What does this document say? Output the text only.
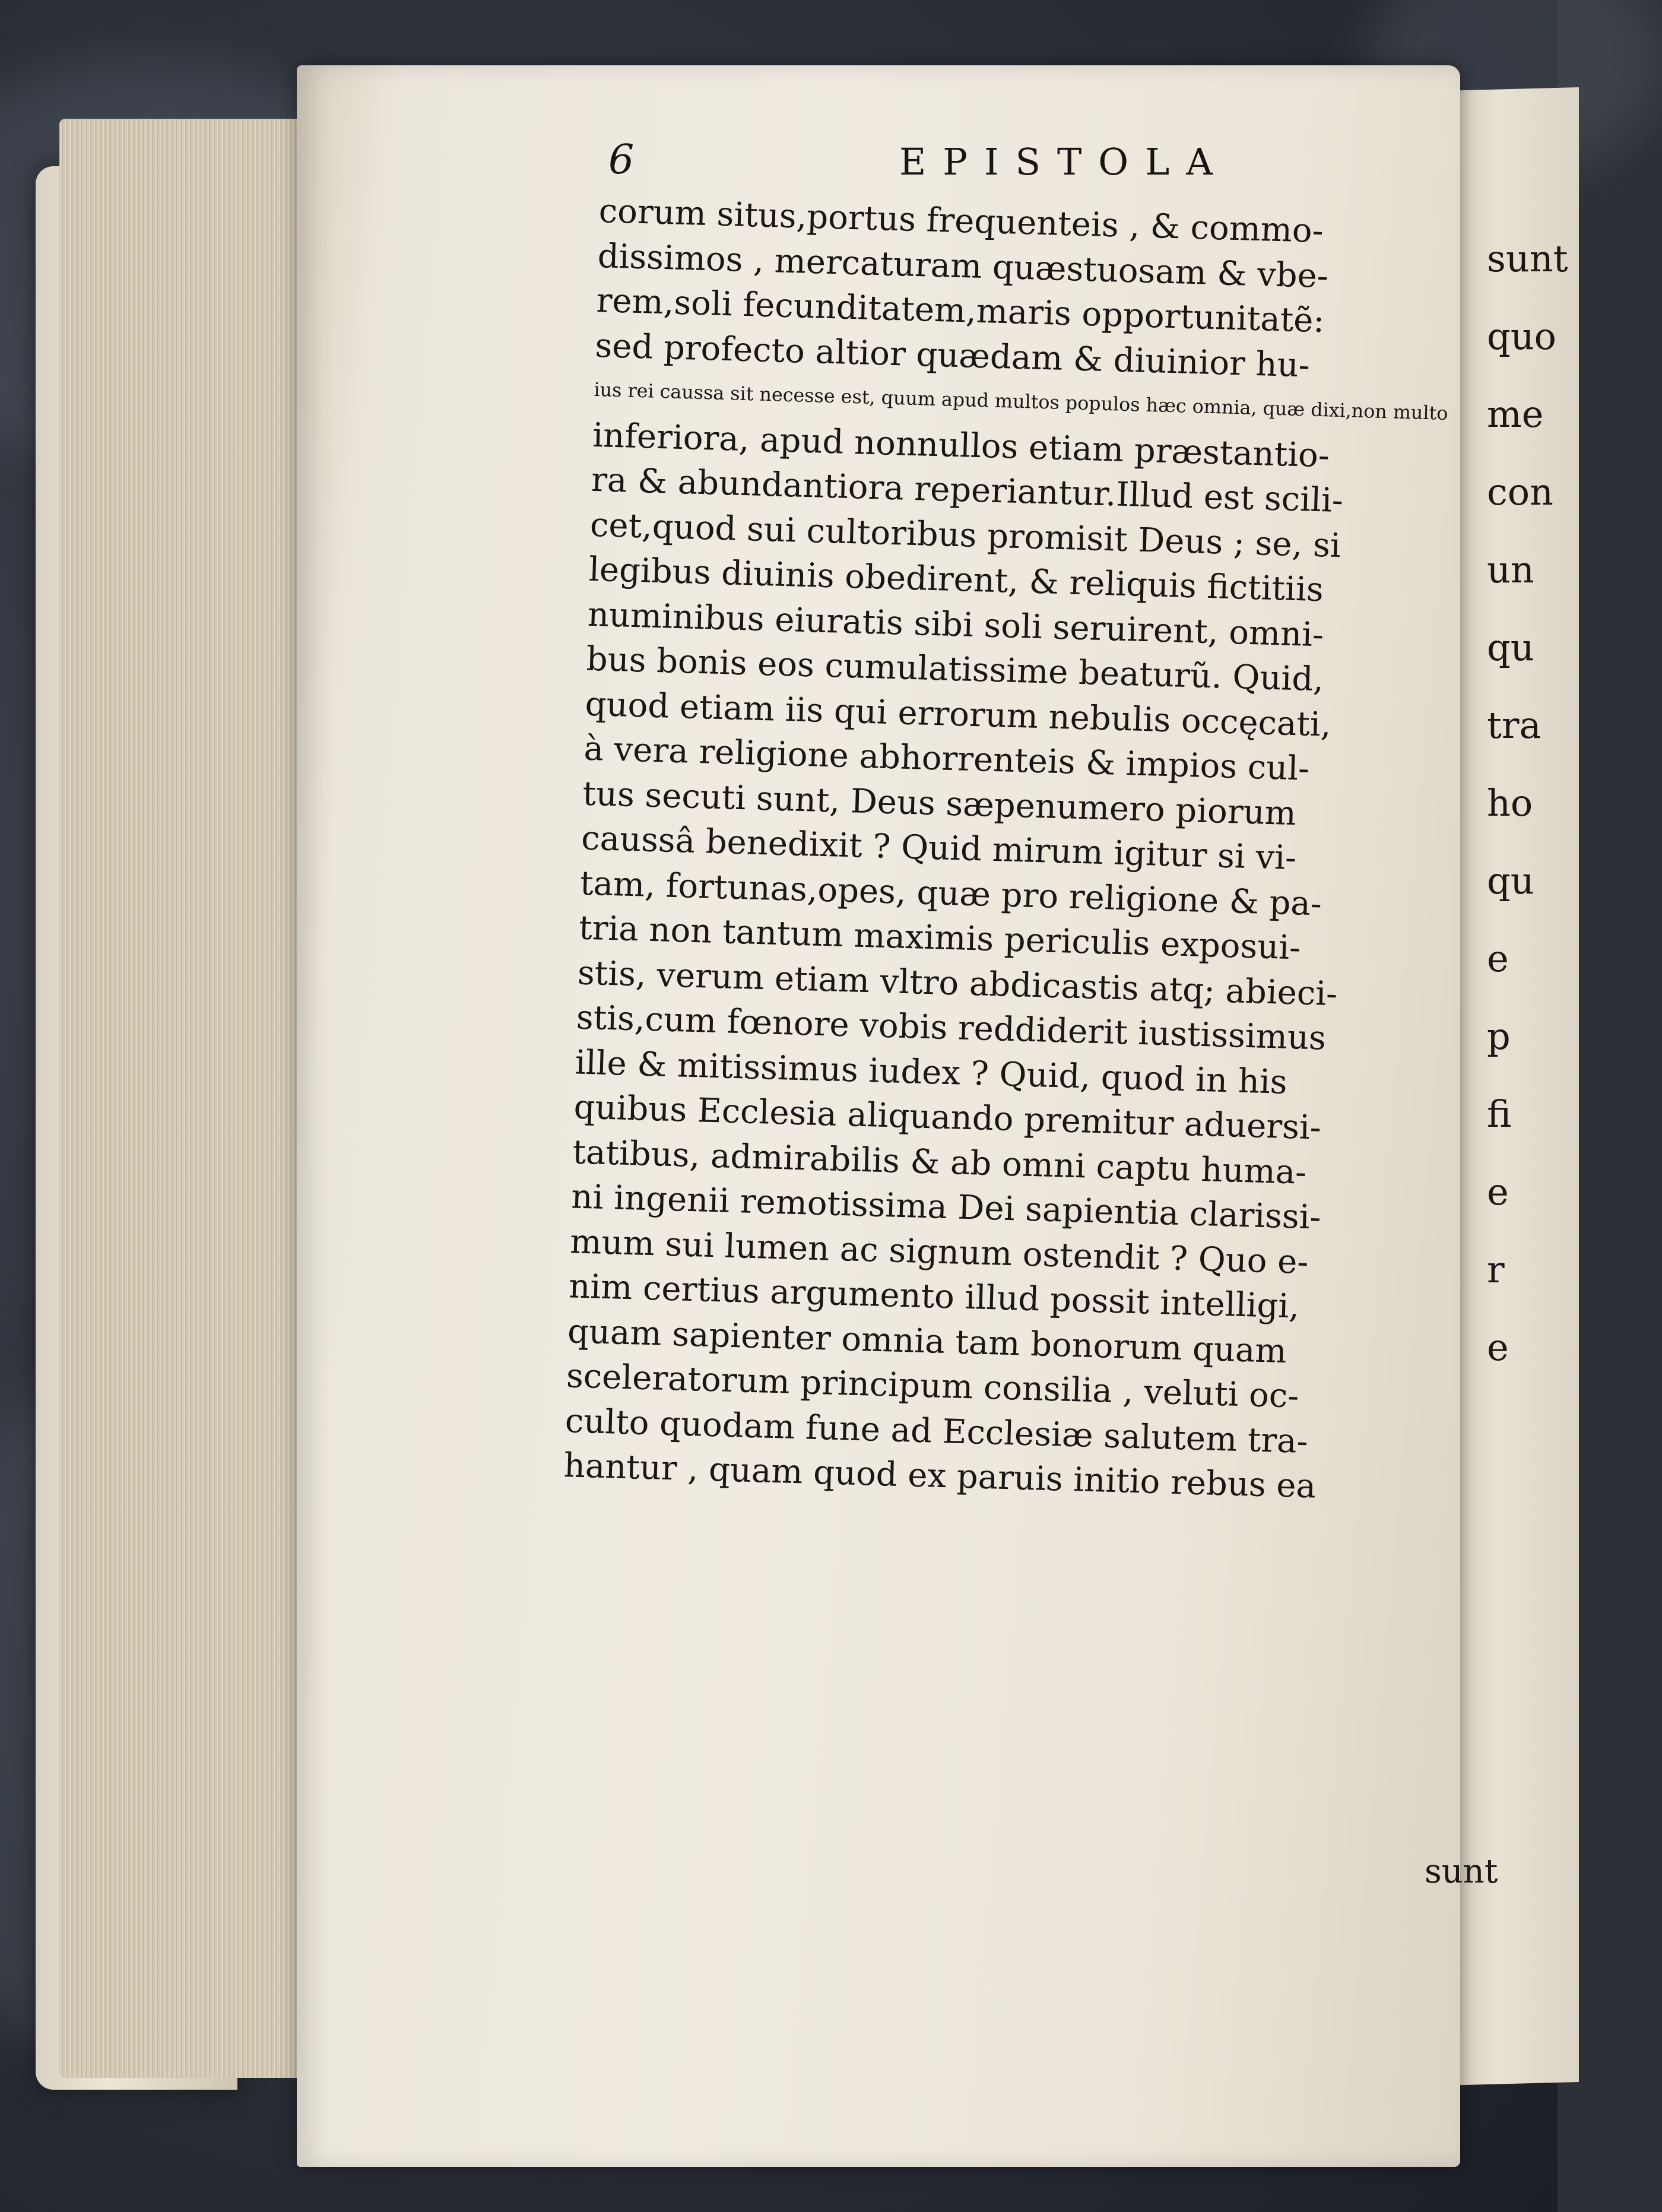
sunt
quo
me
con
un
qu
tra
ho
qu
e
p
fi
e
r
e
6	EPISTOLA
corum situs,portus frequenteis , & commo-
dissimos , mercaturam quæstuosam & vbe-
rem,soli fecunditatem,maris opportunitatẽ:
sed profecto altior quædam & diuinior hu-
ius rei caussa sit necesse est, quum apud multos populos hæc omnia, quæ dixi,non multo
inferiora, apud nonnullos etiam præstantio-
ra & abundantiora reperiantur.Illud est scili-
cet,quod sui cultoribus promisit Deus ; se, si
legibus diuinis obedirent, & reliquis fictitiis
numinibus eiuratis sibi soli seruirent, omni-
bus bonis eos cumulatissime beaturũ. Quid,
quod etiam iis qui errorum nebulis occęcati,
à vera religione abhorrenteis & impios cul-
tus secuti sunt, Deus sæpenumero piorum
caussâ benedixit ? Quid mirum igitur si vi-
tam, fortunas,opes, quæ pro religione & pa-
tria non tantum maximis periculis exposui-
stis, verum etiam vltro abdicastis atq; abieci-
stis,cum fœnore vobis reddiderit iustissimus
ille & mitissimus iudex ? Quid, quod in his
quibus Ecclesia aliquando premitur aduersi-
tatibus, admirabilis & ab omni captu huma-
ni ingenii remotissima Dei sapientia clarissi-
mum sui lumen ac signum ostendit ? Quo e-
nim certius argumento illud possit intelligi,
quam sapienter omnia tam bonorum quam
sceleratorum principum consilia , veluti oc-
culto quodam fune ad Ecclesiæ salutem tra-
hantur , quam quod ex paruis initio rebus ea
sunt
